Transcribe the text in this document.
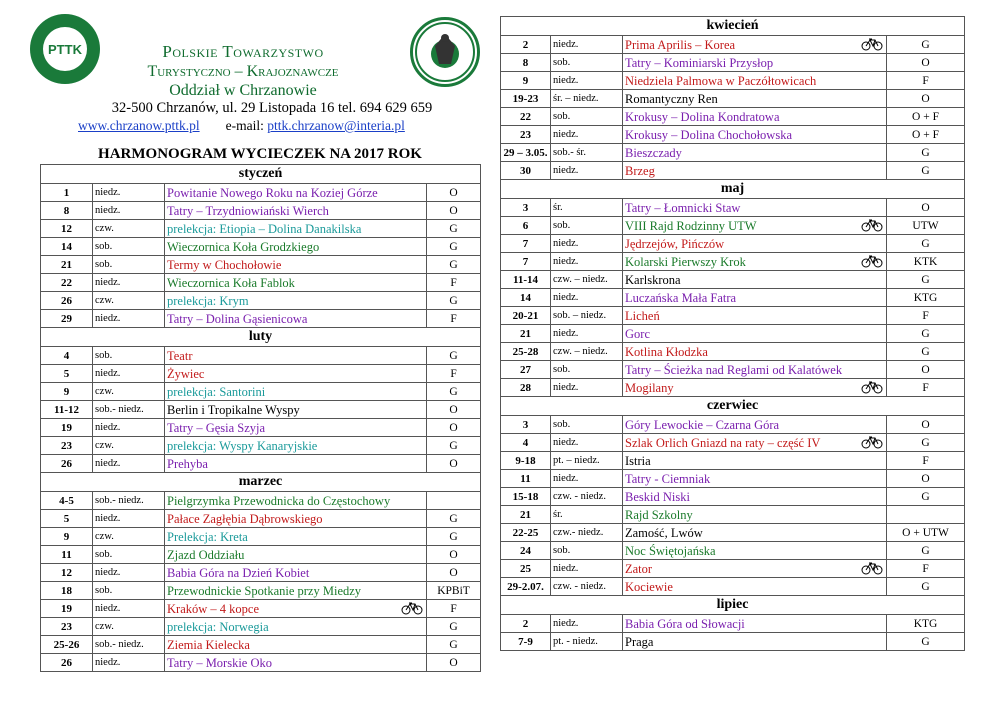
PTTK	Polskie Towarzystwo
Turystyczno – Krajoznawcze
Oddział w Chrzanowie
32-500 Chrzanów, ul. 29 Listopada 16 tel. 694 629 659
www.chrzanow.pttk.pl e-mail: pttk.chrzanow@interia.pl
HARMONOGRAM WYCIECZEK NA 2017 ROK
styczeń			
1	niedz.	Powitanie Nowego Roku na Koziej Górze	O
8	niedz.	Tatry – Trzydniowiański Wierch	O
12	czw.	prelekcja: Etiopia – Dolina Danakilska	G
14	sob.	Wieczornica Koła Grodzkiego	G
21	sob.	Termy w Chochołowie	G
22	niedz.	Wieczornica Koła Fablok	F
26	czw.	prelekcja: Krym	G
29	niedz.	Tatry – Dolina Gąsienicowa	F
luty			
4	sob.	Teatr	G
5	niedz.	Żywiec	F
9	czw.	prelekcja: Santorini	G
11-12	sob.- niedz.	Berlin i Tropikalne Wyspy	O
19	niedz.	Tatry – Gęsia Szyja	O
23	czw.	prelekcja: Wyspy Kanaryjskie	G
26	niedz.	Prehyba	O
marzec			
4-5	sob.- niedz.	Pielgrzymka Przewodnicka do Częstochowy	
5	niedz.	Pałace Zagłębia Dąbrowskiego	G
9	czw.	Prelekcja: Kreta	G
11	sob.	Zjazd Oddziału	O
12	niedz.	Babia Góra na Dzień Kobiet	O
18	sob.	Przewodnickie Spotkanie przy Miedzy	KPBiT
19	niedz.	Kraków – 4 kopce	F
23	czw.	prelekcja: Norwegia	G
25-26	sob.- niedz.	Ziemia Kielecka	G
26	niedz.	Tatry – Morskie Oko	O
kwiecień			
2	niedz.	Prima Aprilis – Korea	G
8	sob.	Tatry – Kominiarski Przysłop	O
9	niedz.	Niedziela Palmowa w Paczółtowicach	F
19-23	śr. – niedz.	Romantyczny Ren	O
22	sob.	Krokusy – Dolina Kondratowa	O + F
23	niedz.	Krokusy – Dolina Chochołowska	O + F
29 – 3.05.	sob.- śr.	Bieszczady	G
30	niedz.	Brzeg	G
maj			
3	śr.	Tatry – Łomnicki Staw	O
6	sob.	VIII Rajd Rodzinny UTW	UTW
7	niedz.	Jędrzejów, Pińczów	G
7	niedz.	Kolarski Pierwszy Krok	KTK
11-14	czw. – niedz.	Karlskrona	G
14	niedz.	Luczańska Mała Fatra	KTG
20-21	sob. – niedz.	Licheń	F
21	niedz.	Gorc	G
25-28	czw. – niedz.	Kotlina Kłodzka	G
27	sob.	Tatry – Ścieżka nad Reglami od Kalatówek	O
28	niedz.	Mogilany	F
czerwiec			
3	sob.	Góry Lewockie – Czarna Góra	O
4	niedz.	Szlak Orlich Gniazd na raty – część IV	G
9-18	pt. – niedz.	Istria	F
11	niedz.	Tatry - Ciemniak	O
15-18	czw. - niedz.	Beskid Niski	G
21	śr.	Rajd Szkolny	
22-25	czw.- niedz.	Zamość, Lwów	O + UTW
24	sob.	Noc Świętojańska	G
25	niedz.	Zator	F
29-2.07.	czw. - niedz.	Kociewie	G
lipiec			
2	niedz.	Babia Góra od Słowacji	KTG
7-9	pt. - niedz.	Praga	G
